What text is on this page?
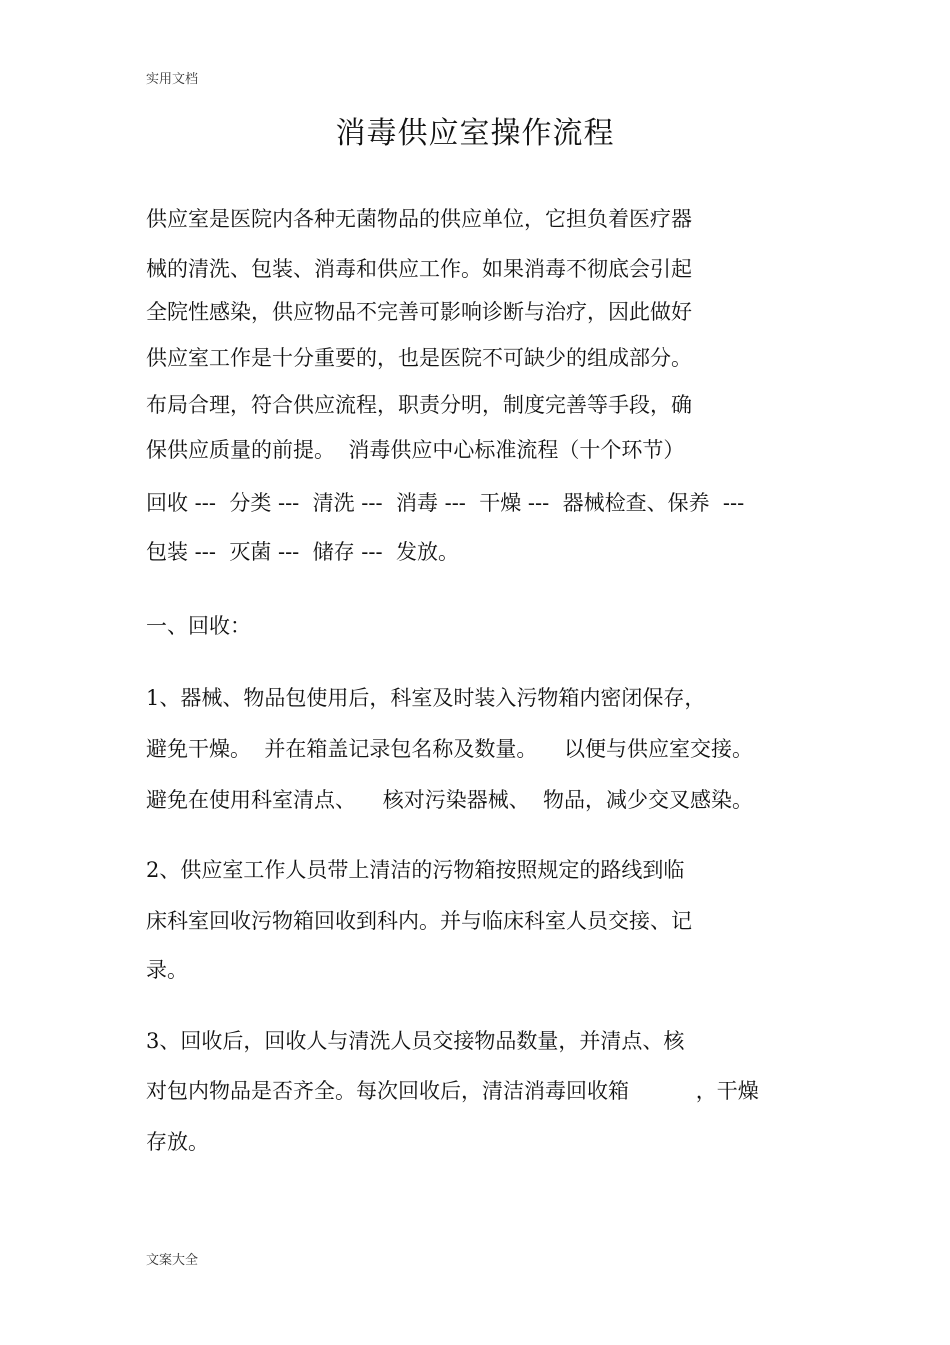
实用文档
消毒供应室操作流程
供应室是医院内各种无菌物品的供应单位，它担负着医疗器
械的清洗、包装、消毒和供应工作。如果消毒不彻底会引起
全院性感染，供应物品不完善可影响诊断与治疗，因此做好
供应室工作是十分重要的，也是医院不可缺少的组成部分。
布局合理，符合供应流程，职责分明，制度完善等手段，确
保供应质量的前提。  消毒供应中心标准流程（十个环节）
回收 ---  分类 ---  清洗 ---  消毒 ---  干燥 ---  器械检查、保养  ---
包装 ---  灭菌 ---  储存 ---  发放。
一、回收：
1、器械、物品包使用后，科室及时装入污物箱内密闭保存，
避免干燥。  并在箱盖记录包名称及数量。    以便与供应室交接。
避免在使用科室清点、    核对污染器械、  物品，减少交叉感染。
2、供应室工作人员带上清洁的污物箱按照规定的路线到临
床科室回收污物箱回收到科内。并与临床科室人员交接、记
录。
3、回收后，回收人与清洗人员交接物品数量，并清点、核
对包内物品是否齐全。每次回收后，清洁消毒回收箱          ，干燥
存放。
文案大全
